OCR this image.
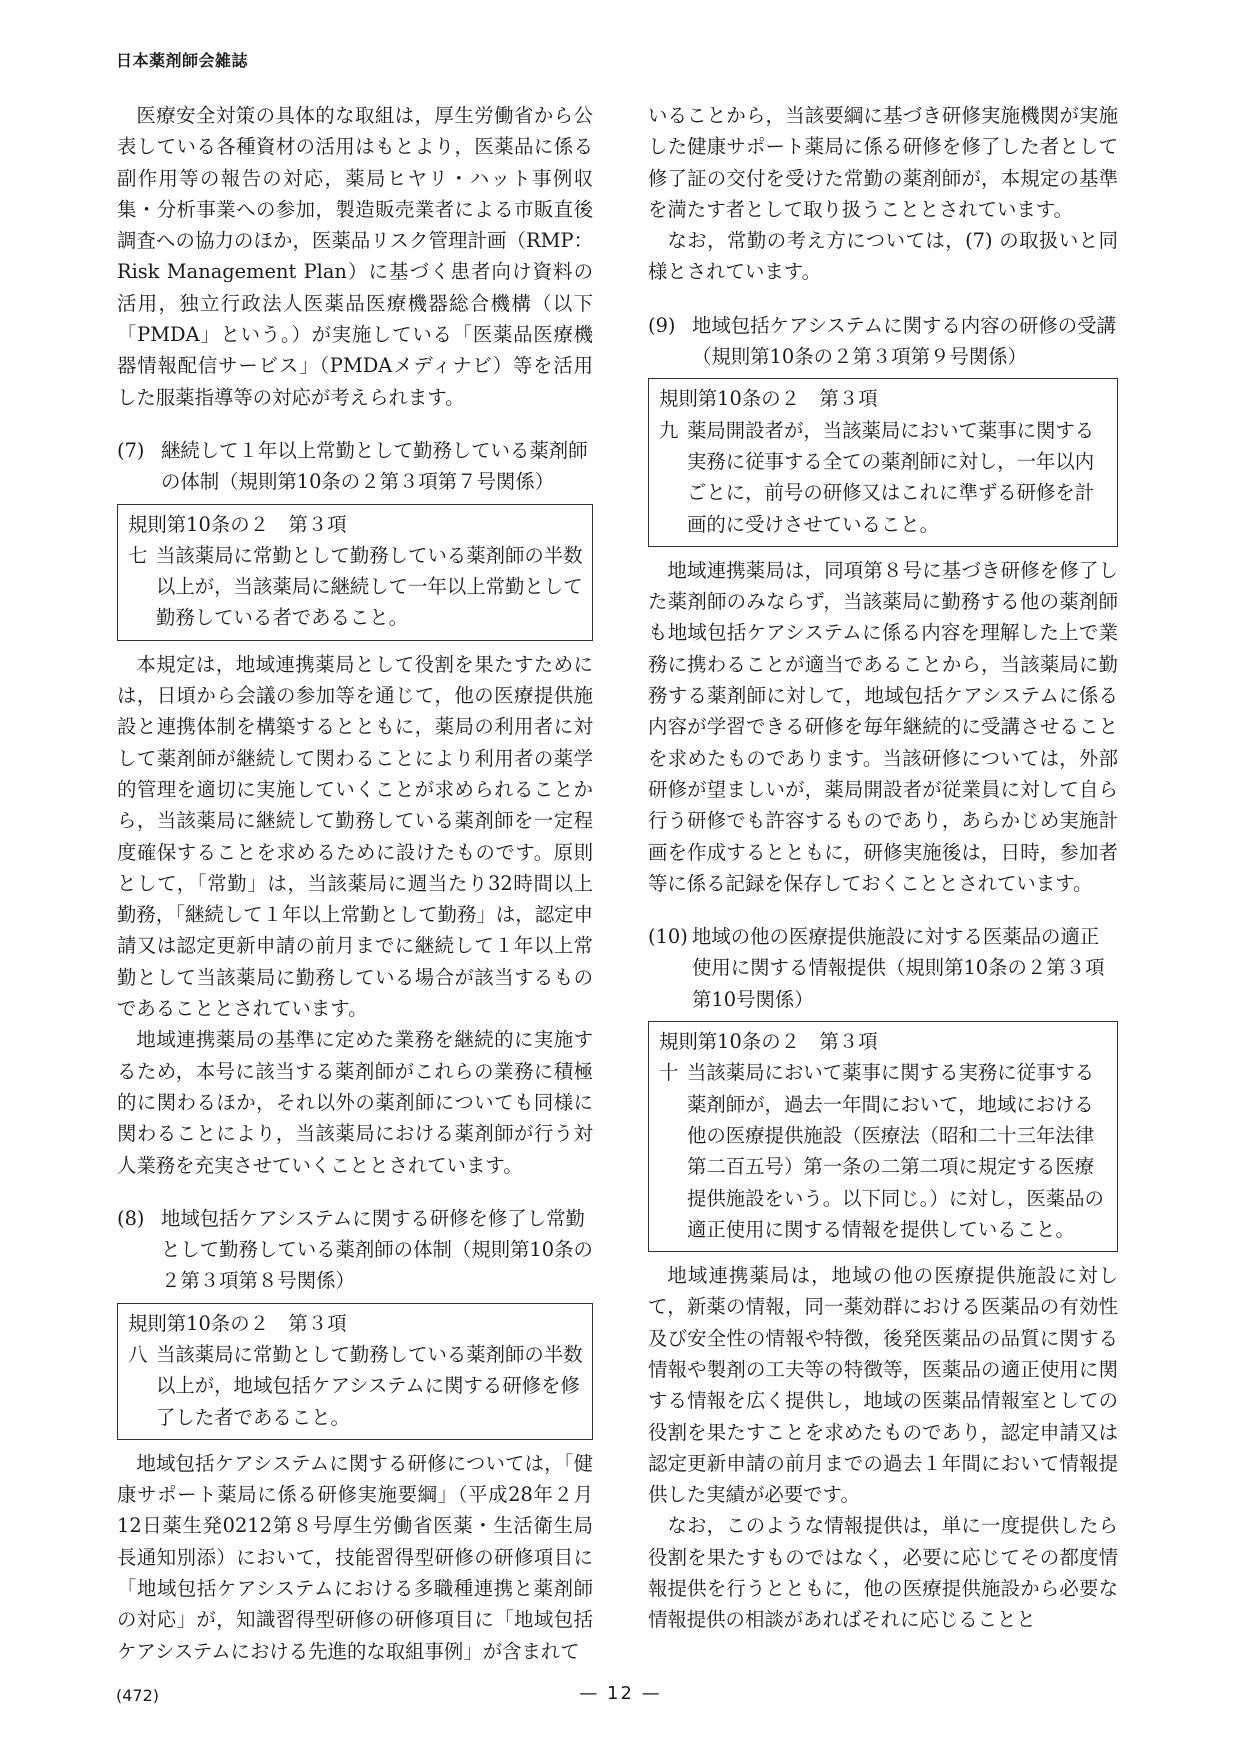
日本薬剤師会雑誌

医療安全対策の具体的な取組は，厚生労働省から公表している各種資材の活用はもとより，医薬品に係る副作用等の報告の対応，薬局ヒヤリ・ハット事例収集・分析事業への参加，製造販売業者による市販直後調査への協力のほか，医薬品リスク管理計画（RMP：Risk Management Plan）に基づく患者向け資料の活用，独立行政法人医薬品医療機器総合機構（以下「PMDA」という。）が実施している「医薬品医療機器情報配信サービス」（PMDAメディナビ）等を活用した服薬指導等の対応が考えられます。

(7) 継続して１年以上常勤として勤務している薬剤師の体制（規則第10条の２第３項第７号関係）
規則第10条の２　第３項
七 当該薬局に常勤として勤務している薬剤師の半数以上が，当該薬局に継続して一年以上常勤として勤務している者であること。

本規定は，地域連携薬局として役割を果たすためには，日頃から会議の参加等を通じて，他の医療提供施設と連携体制を構築するとともに，薬局の利用者に対して薬剤師が継続して関わることにより利用者の薬学的管理を適切に実施していくことが求められることから，当該薬局に継続して勤務している薬剤師を一定程度確保することを求めるために設けたものです。原則として，「常勤」は，当該薬局に週当たり32時間以上勤務，「継続して１年以上常勤として勤務」は，認定申請又は認定更新申請の前月までに継続して１年以上常勤として当該薬局に勤務している場合が該当するものであることとされています。

地域連携薬局の基準に定めた業務を継続的に実施するため，本号に該当する薬剤師がこれらの業務に積極的に関わるほか，それ以外の薬剤師についても同様に関わることにより，当該薬局における薬剤師が行う対人業務を充実させていくこととされています。

(8) 地域包括ケアシステムに関する研修を修了し常勤として勤務している薬剤師の体制（規則第10条の２第３項第８号関係）
規則第10条の２　第３項
八 当該薬局に常勤として勤務している薬剤師の半数以上が，地域包括ケアシステムに関する研修を修了した者であること。

地域包括ケアシステムに関する研修については，「健康サポート薬局に係る研修実施要綱」（平成28年２月12日薬生発0212第８号厚生労働省医薬・生活衛生局長通知別添）において，技能習得型研修の研修項目に「地域包括ケアシステムにおける多職種連携と薬剤師の対応」が，知識習得型研修の研修項目に「地域包括ケアシステムにおける先進的な取組事例」が含まれて

いることから，当該要綱に基づき研修実施機関が実施した健康サポート薬局に係る研修を修了した者として修了証の交付を受けた常勤の薬剤師が，本規定の基準を満たす者として取り扱うこととされています。

なお，常勤の考え方については，(7) の取扱いと同様とされています。

(9) 地域包括ケアシステムに関する内容の研修の受講（規則第10条の２第３項第９号関係）
規則第10条の２　第３項
九 薬局開設者が，当該薬局において薬事に関する実務に従事する全ての薬剤師に対し，一年以内ごとに，前号の研修又はこれに準ずる研修を計画的に受けさせていること。

地域連携薬局は，同項第８号に基づき研修を修了した薬剤師のみならず，当該薬局に勤務する他の薬剤師も地域包括ケアシステムに係る内容を理解した上で業務に携わることが適当であることから，当該薬局に勤務する薬剤師に対して，地域包括ケアシステムに係る内容が学習できる研修を毎年継続的に受講させることを求めたものであります。当該研修については，外部研修が望ましいが，薬局開設者が従業員に対して自ら行う研修でも許容するものであり，あらかじめ実施計画を作成するとともに，研修実施後は，日時，参加者等に係る記録を保存しておくこととされています。

(10) 地域の他の医療提供施設に対する医薬品の適正使用に関する情報提供（規則第10条の２第３項第10号関係）
規則第10条の２　第３項
十 当該薬局において薬事に関する実務に従事する薬剤師が，過去一年間において，地域における他の医療提供施設（医療法（昭和二十三年法律第二百五号）第一条の二第二項に規定する医療提供施設をいう。以下同じ。）に対し，医薬品の適正使用に関する情報を提供していること。

地域連携薬局は，地域の他の医療提供施設に対して，新薬の情報，同一薬効群における医薬品の有効性及び安全性の情報や特徴，後発医薬品の品質に関する情報や製剤の工夫等の特徴等，医薬品の適正使用に関する情報を広く提供し，地域の医薬品情報室としての役割を果たすことを求めたものであり，認定申請又は認定更新申請の前月までの過去１年間において情報提供した実績が必要です。

なお，このような情報提供は，単に一度提供したら役割を果たすものではなく，必要に応じてその都度情報提供を行うとともに，他の医療提供施設から必要な情報提供の相談があればそれに応じることと

(472)	— 12 —
